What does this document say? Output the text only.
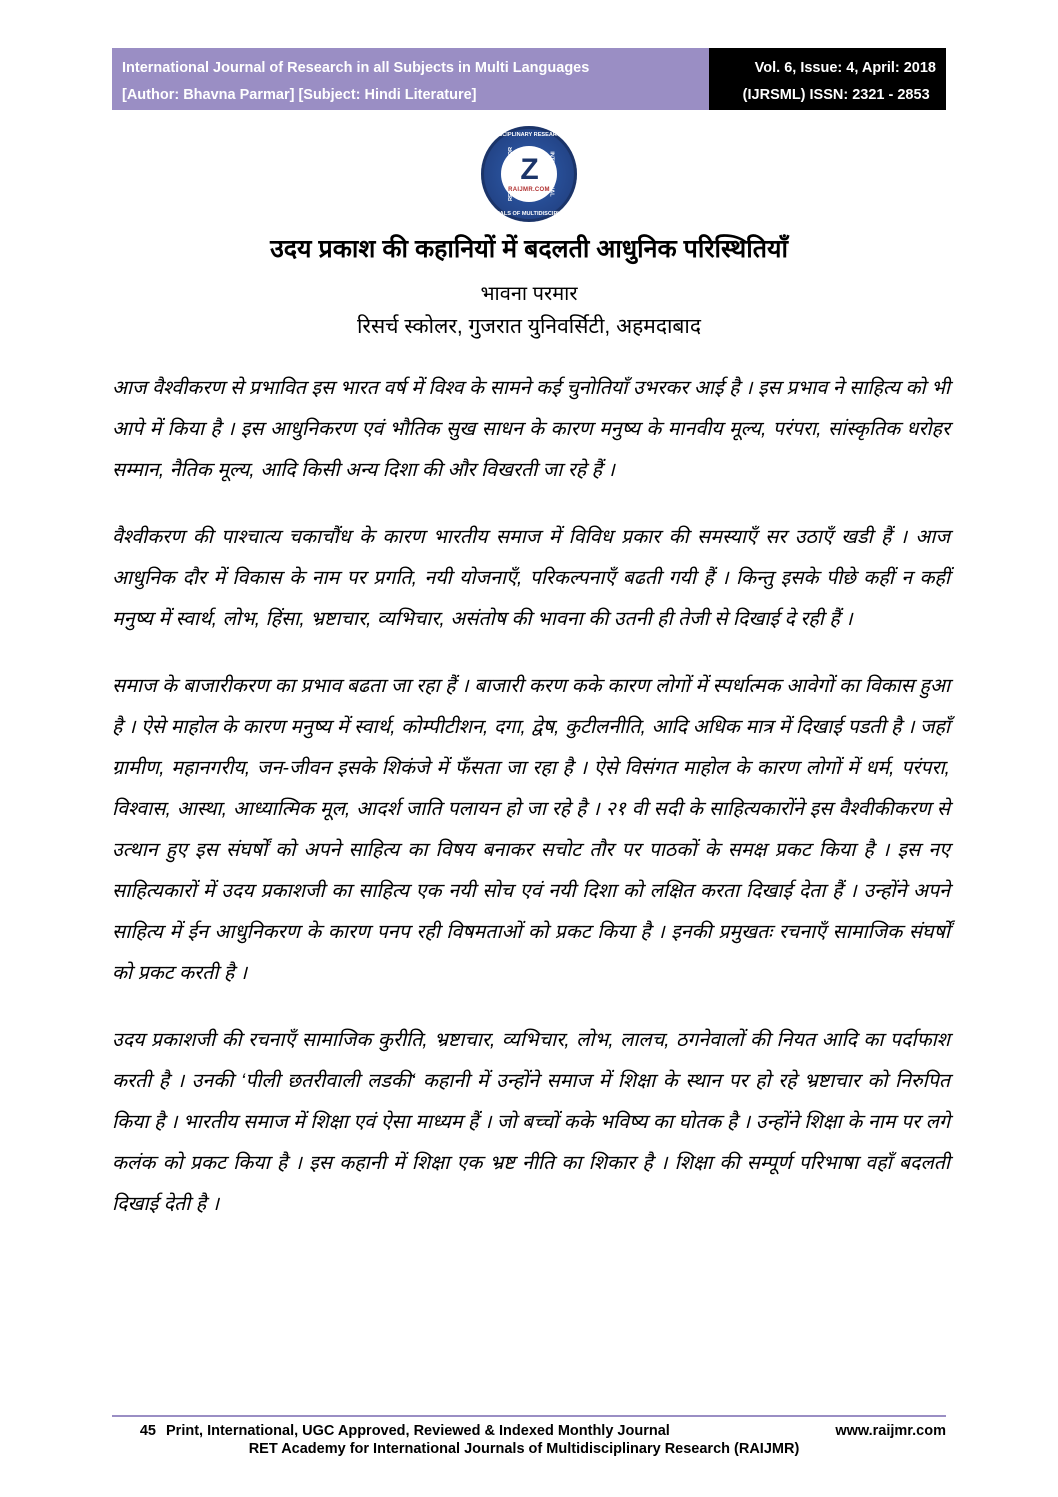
International Journal of Research in all Subjects in Multi Languages
[Author: Bhavna Parmar] [Subject: Hindi Literature]
Vol. 6, Issue: 4, April: 2018
(IJRSML) ISSN: 2321 - 2853
DISCIPLINARY RESEARCH
JOURNALS OF MULTIDISCIPLINARY
Z
RAIJMR.COM
उदय प्रकाश की कहानियों में बदलती आधुनिक परिस्थितियाँ
भावना परमार
रिसर्च स्कोलर, गुजरात युनिवर्सिटी, अहमदाबाद

आज वैश्वीकरण से प्रभावित इस भारत वर्ष में विश्व के सामने कई चुनोतियाँ उभरकर आई है । इस प्रभाव ने साहित्य को भी आपे में किया है । इस आधुनिकरण एवं भौतिक सुख साधन के कारण मनुष्य के मानवीय मूल्य, परंपरा, सांस्कृतिक धरोहर सम्मान, नैतिक मूल्य, आदि किसी अन्य दिशा की और विखरती जा रहे हैं ।

वैश्वीकरण की पाश्चात्य चकाचौंध के कारण भारतीय समाज में विविध प्रकार की समस्याएँ सर उठाएँ खडी हैं । आज आधुनिक दौर में विकास के नाम पर प्रगति, नयी योजनाएँ, परिकल्पनाएँ बढती गयी हैं । किन्तु इसके पीछे कहीं न कहीं मनुष्य में स्वार्थ, लोभ, हिंसा, भ्रष्टाचार, व्यभिचार, असंतोष की भावना की उतनी ही तेजी से दिखाई दे रही हैं ।

समाज के बाजारीकरण का प्रभाव बढता जा रहा हैं । बाजारी करण कके कारण लोगों में स्पर्धात्मक आवेगों का विकास हुआ है । ऐसे माहोल के कारण मनुष्य में स्वार्थ, कोम्पीटीशन, दगा, द्वेष, कुटीलनीति, आदि अधिक मात्र में दिखाई पडती है । जहाँ ग्रामीण, महानगरीय, जन-जीवन इसके शिकंजे में फँसता जा रहा है । ऐसे विसंगत माहोल के कारण लोगों में धर्म, परंपरा, विश्वास, आस्था, आध्यात्मिक मूल, आदर्श जाति पलायन हो जा रहे है । २१ वी सदी के साहित्यकारोंने इस वैश्वीकीकरण से उत्थान हुए इस संघर्षों को अपने साहित्य का विषय बनाकर सचोट तौर पर पाठकों के समक्ष प्रकट किया है । इस नए साहित्यकारों में उदय प्रकाशजी का साहित्य एक नयी सोच एवं नयी दिशा को लक्षित करता दिखाई देता हैं । उन्होंने अपने साहित्य में ईन आधुनिकरण के कारण पनप रही विषमताओं को प्रकट किया है । इनकी प्रमुखतः रचनाएँ सामाजिक संघर्षों को प्रकट करती है ।

उदय प्रकाशजी की रचनाएँ सामाजिक कुरीति, भ्रष्टाचार, व्यभिचार, लोभ, लालच, ठगनेवालों की नियत आदि का पर्दाफाश करती है । उनकी ‘पीली छतरीवाली लडकी‘ कहानी में उन्होंने समाज में शिक्षा के स्थान पर हो रहे भ्रष्टाचार को निरुपित किया है । भारतीय समाज में शिक्षा एवं ऐसा माध्यम हैं । जो बच्चों कके भविष्य का घोतक है । उन्होंने शिक्षा के नाम पर लगे कलंक को प्रकट किया है । इस कहानी में शिक्षा एक भ्रष्ट नीति का शिकार है । शिक्षा की सम्पूर्ण परिभाषा वहाँ बदलती दिखाई देती है ।

45 Print, International, UGC Approved, Reviewed & Indexed Monthly Journal	www.raijmr.com
RET Academy for International Journals of Multidisciplinary Research (RAIJMR)
